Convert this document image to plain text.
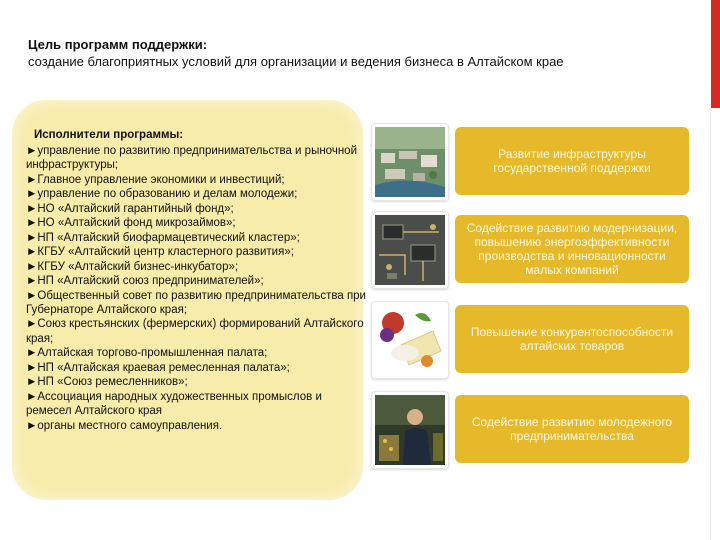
Цель программ поддержки:
создание благоприятных условий для организации и ведения бизнеса в Алтайском крае
Исполнители программы:
►управление по развитию предпринимательства и рыночной инфраструктуры;
►Главное управление экономики и инвестиций;
►управление по образованию и делам молодежи;
►НО «Алтайский гарантийный фонд»;
►НО «Алтайский фонд микрозаймов»;
►НП «Алтайский биофармацевтический кластер»;
►КГБУ «Алтайский центр кластерного развития»;
►КГБУ «Алтайский бизнес-инкубатор»;
►НП «Алтайский союз предпринимателей»;
►Общественный совет по развитию предпринимательства при Губернаторе Алтайского края;
►Союз крестьянских (фермерских) формирований Алтайского края;
►Алтайская торгово-промышленная палата;
►НП «Алтайская краевая ремесленная палата»;
►НП «Союз ремесленников»;
►Ассоциация народных художественных промыслов и ремесел Алтайского края
►органы местного самоуправления.
Развитие инфраструктуры государственной поддержки
Содействие развитию модернизации, повышению энергоэффективности производства и инновационности малых компаний
Повышение конкурентоспособности алтайских товаров
Содействие развитию молодежного предпринимательства
